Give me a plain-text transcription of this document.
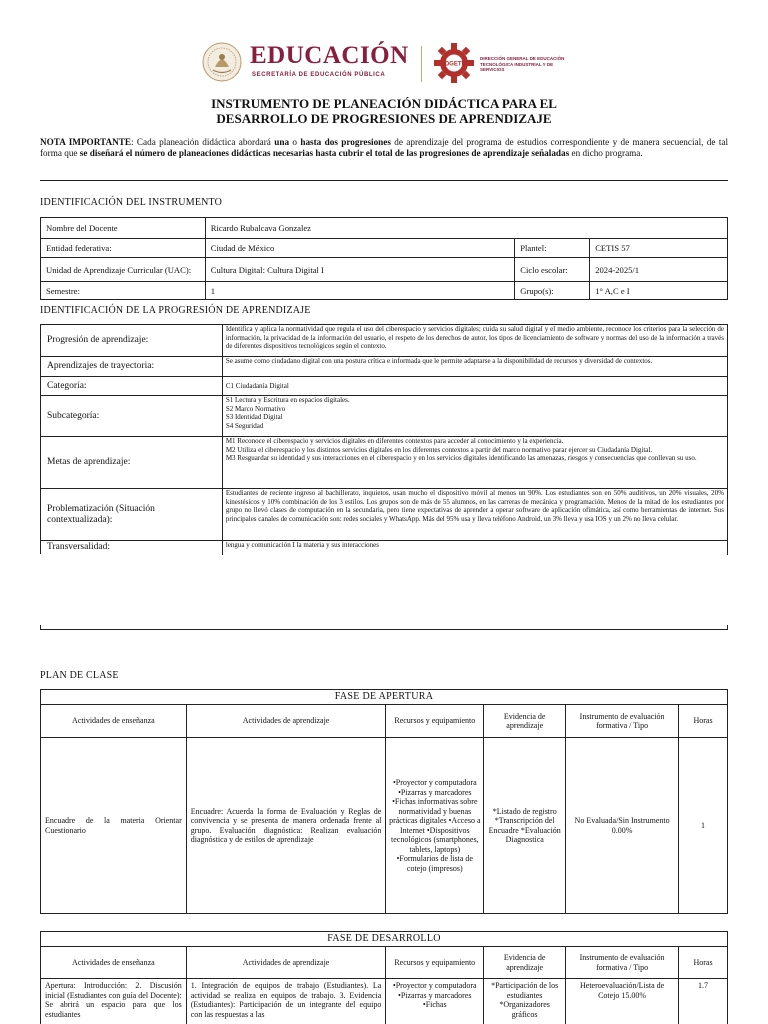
EDUCACIÓN
SECRETARÍA DE EDUCACIÓN PÚBLICA
DGETI
DIRECCIÓN GENERAL DE EDUCACIÓN TECNOLÓGICA INDUSTRIAL Y DE SERVICIOS
INSTRUMENTO DE PLANEACIÓN DIDÁCTICA PARA EL
DESARROLLO DE PROGRESIONES DE APRENDIZAJE
NOTA IMPORTANTE: Cada planeación didáctica abordará una o hasta dos progresiones de aprendizaje del programa de estudios correspondiente y de manera secuencial, de tal forma que se diseñará el número de planeaciones didácticas necesarias hasta cubrir el total de las progresiones de aprendizaje señaladas en dicho programa.
IDENTIFICACIÓN DEL INSTRUMENTO
Nombre del Docente	Ricardo Rubalcava Gonzalez		
Entidad federativa:	Ciudad de México	Plantel:	CETIS 57
Unidad de Aprendizaje Curricular (UAC):	Cultura Digital: Cultura Digital I	Ciclo escolar:	2024-2025/1
Semestre:	1	Grupo(s):	1° A,C e I
IDENTIFICACIÓN DE LA PROGRESIÓN DE APRENDIZAJE
Progresión de aprendizaje:	Identifica y aplica la normatividad que regula el uso del ciberespacio y servicios digitales; cuida su salud digital y el medio ambiente, reconoce los criterios para la selección de información, la privacidad de la información del usuario, el respeto de los derechos de autor, los tipos de licenciamiento de software y normas del uso de la información a través de diferentes dispositivos tecnológicos según el contexto.
Aprendizajes de trayectoria:	Se asume como ciudadano digital con una postura crítica e informada que le permite adaptarse a la disponibilidad de recursos y diversidad de contextos.
Categoría:	C1 Ciudadanía Digital
Subcategoría:	S1 Lectura y Escritura en espacios digitales.
S2 Marco Normativo
S3 Identidad Digital
S4 Seguridad

Metas de aprendizaje:	M1 Reconoce el ciberespacio y servicios digitales en diferentes contextos para acceder al conocimiento y la experiencia.
M2 Utiliza el ciberespacio y los distintos servicios digitales en los diferentes contextos a partir del marco normativo parar ejercer su Ciudadanía Digital.
M3 Resguardar su identidad y sus interacciones en el ciberespacio y en los servicios digitales identificando las amenazas, riesgos y consecuencias que conllevan su uso.

Problematización (Situación contextualizada):	Estudiantes de reciente ingreso al bachillerato, inquietos, usan mucho el dispositivo móvil al menos un 90%. Los estudiantes son en 50% auditivos, un 20% visuales, 20% kinestésicos y 10% combinación de los 3 estilos. Los grupos son de más de 55 alumnos, en las carreras de mecánica y programación. Menos de la mitad de los estudiantes por grupo no llevó clases de computación en la secundaria, pero tiene expectativas de aprender a operar software de aplicación ofimática, así como herramientas de internet. Sus principales canales de comunicación son: redes sociales y WhatsApp. Más del 95% usa y lleva teléfono Android, un 3% lleva y usa IOS y un 2% no lleva celular.
Transversalidad:	lengua y comunicación I la materia y sus interacciones
PLAN DE CLASE
FASE DE APERTURA					
Actividades de enseñanza	Actividades de aprendizaje	Recursos y equipamiento	Evidencia de aprendizaje	Instrumento de evaluación formativa / Tipo	Horas
Encuadre de la materia Orientar Cuestionario	Encuadre: Acuerda la forma de Evaluación y Reglas de convivencia y se presenta de manera ordenada frente al grupo. Evaluación diagnóstica: Realizan evaluación diagnóstica y de estilos de aprendizaje	•Proyector y computadora •Pizarras y marcadores •Fichas informativas sobre normatividad y buenas prácticas digitales •Acceso a Internet •Dispositivos tecnológicos (smartphones, tablets, laptops) •Formularios de lista de cotejo (impresos)	*Listado de registro *Transcripción del Encuadre *Evaluación Diagnostica	No Evaluada/Sin Instrumento 0.00%	1
FASE DE DESARROLLO					
Actividades de enseñanza	Actividades de aprendizaje	Recursos y equipamiento	Evidencia de aprendizaje	Instrumento de evaluación formativa / Tipo	Horas
Apertura: Introducción: 2. Discusión inicial (Estudiantes con guía del Docente): Se abrirá un espacio para que los estudiantes	1. Integración de equipos de trabajo (Estudiantes). La actividad se realiza en equipos de trabajo. 3. Evidencia (Estudiantes): Participación de un integrante del equipo con las respuestas a las	•Proyector y computadora •Pizarras y marcadores •Fichas	*Participación de los estudiantes *Organizadores gráficos	Heteroevaluación/Lista de Cotejo 15.00%	1.7
